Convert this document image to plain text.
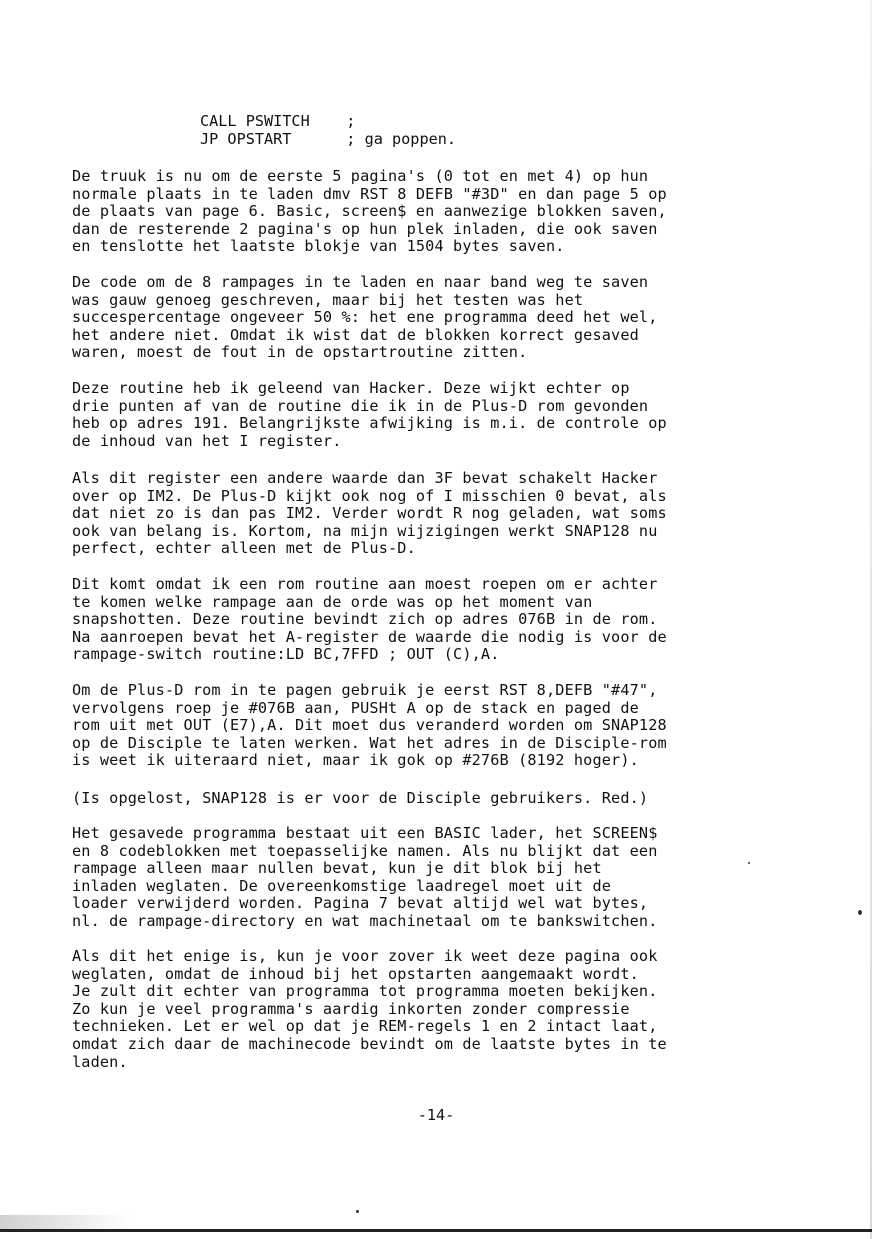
CALL PSWITCH    ;
JP OPSTART      ; ga poppen.
De truuk is nu om de eerste 5 pagina's (0 tot en met 4) op hun
normale plaats in te laden dmv RST 8 DEFB "#3D" en dan page 5 op
de plaats van page 6. Basic, screen$ en aanwezige blokken saven,
dan de resterende 2 pagina's op hun plek inladen, die ook saven
en tenslotte het laatste blokje van 1504 bytes saven.
De code om de 8 rampages in te laden en naar band weg te saven
was gauw genoeg geschreven, maar bij het testen was het
succespercentage ongeveer 50 %: het ene programma deed het wel,
het andere niet. Omdat ik wist dat de blokken korrect gesaved
waren, moest de fout in de opstartroutine zitten.
Deze routine heb ik geleend van Hacker. Deze wijkt echter op
drie punten af van de routine die ik in de Plus-D rom gevonden
heb op adres 191. Belangrijkste afwijking is m.i. de controle op
de inhoud van het I register.
Als dit register een andere waarde dan 3F bevat schakelt Hacker
over op IM2. De Plus-D kijkt ook nog of I misschien 0 bevat, als
dat niet zo is dan pas IM2. Verder wordt R nog geladen, wat soms
ook van belang is. Kortom, na mijn wijzigingen werkt SNAP128 nu
perfect, echter alleen met de Plus-D.
Dit komt omdat ik een rom routine aan moest roepen om er achter
te komen welke rampage aan de orde was op het moment van
snapshotten. Deze routine bevindt zich op adres 076B in de rom.
Na aanroepen bevat het A-register de waarde die nodig is voor de
rampage-switch routine:LD BC,7FFD ; OUT (C),A.
Om de Plus-D rom in te pagen gebruik je eerst RST 8,DEFB "#47",
vervolgens roep je #076B aan, PUSHt A op de stack en paged de
rom uit met OUT (E7),A. Dit moet dus veranderd worden om SNAP128
op de Disciple te laten werken. Wat het adres in de Disciple-rom
is weet ik uiteraard niet, maar ik gok op #276B (8192 hoger).
(Is opgelost, SNAP128 is er voor de Disciple gebruikers. Red.)
Het gesavede programma bestaat uit een BASIC lader, het SCREEN$
en 8 codeblokken met toepasselijke namen. Als nu blijkt dat een
rampage alleen maar nullen bevat, kun je dit blok bij het
inladen weglaten. De overeenkomstige laadregel moet uit de
loader verwijderd worden. Pagina 7 bevat altijd wel wat bytes,
nl. de rampage-directory en wat machinetaal om te bankswitchen.
Als dit het enige is, kun je voor zover ik weet deze pagina ook
weglaten, omdat de inhoud bij het opstarten aangemaakt wordt.
Je zult dit echter van programma tot programma moeten bekijken.
Zo kun je veel programma's aardig inkorten zonder compressie
technieken. Let er wel op dat je REM-regels 1 en 2 intact laat,
omdat zich daar de machinecode bevindt om de laatste bytes in te
laden.
-14-
